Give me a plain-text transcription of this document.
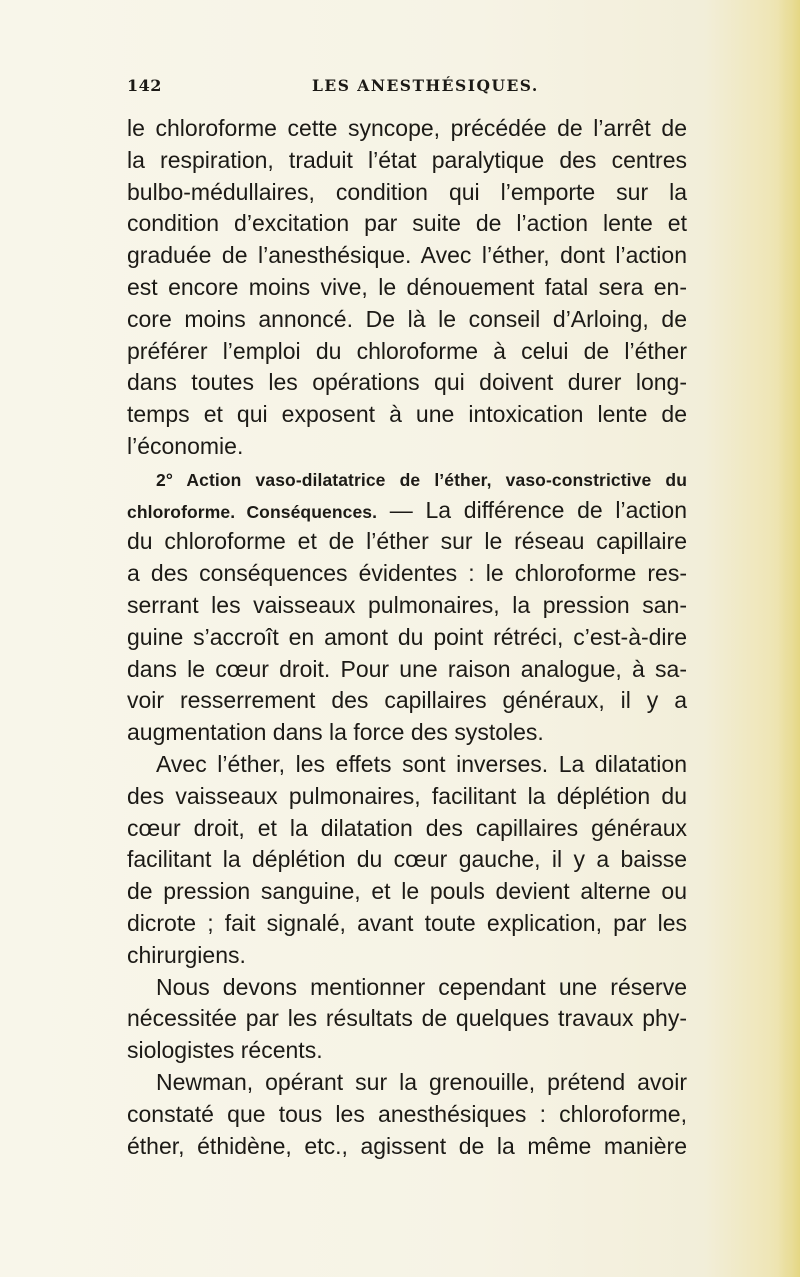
142	LES ANESTHÉSIQUES.
le chloroforme cette syncope, précédée de l’arrêt de
la respiration, traduit l’état paralytique des centres
bulbo-médullaires, condition qui l’emporte sur la
condition d’excitation par suite de l’action lente et
graduée de l’anesthésique. Avec l’éther, dont l’action
est encore moins vive, le dénouement fatal sera en-
core moins annoncé. De là le conseil d’Arloing, de
préférer l’emploi du chloroforme à celui de l’éther
dans toutes les opérations qui doivent durer long-
temps et qui exposent à une intoxication lente de
l’économie.
2° Action vaso-dilatatrice de l’éther, vaso-constrictive du
chloroforme. Conséquences. — La différence de l’action
du chloroforme et de l’éther sur le réseau capillaire
a des conséquences évidentes : le chloroforme res-
serrant les vaisseaux pulmonaires, la pression san-
guine s’accroît en amont du point rétréci, c’est-à-dire
dans le cœur droit. Pour une raison analogue, à sa-
voir resserrement des capillaires généraux, il y a
augmentation dans la force des systoles.
Avec l’éther, les effets sont inverses. La dilatation
des vaisseaux pulmonaires, facilitant la déplétion du
cœur droit, et la dilatation des capillaires généraux
facilitant la déplétion du cœur gauche, il y a baisse
de pression sanguine, et le pouls devient alterne ou
dicrote ; fait signalé, avant toute explication, par les
chirurgiens.
Nous devons mentionner cependant une réserve
nécessitée par les résultats de quelques travaux phy-
siologistes récents.
Newman, opérant sur la grenouille, prétend avoir
constaté que tous les anesthésiques : chloroforme,
éther, éthidène, etc., agissent de la même manière
